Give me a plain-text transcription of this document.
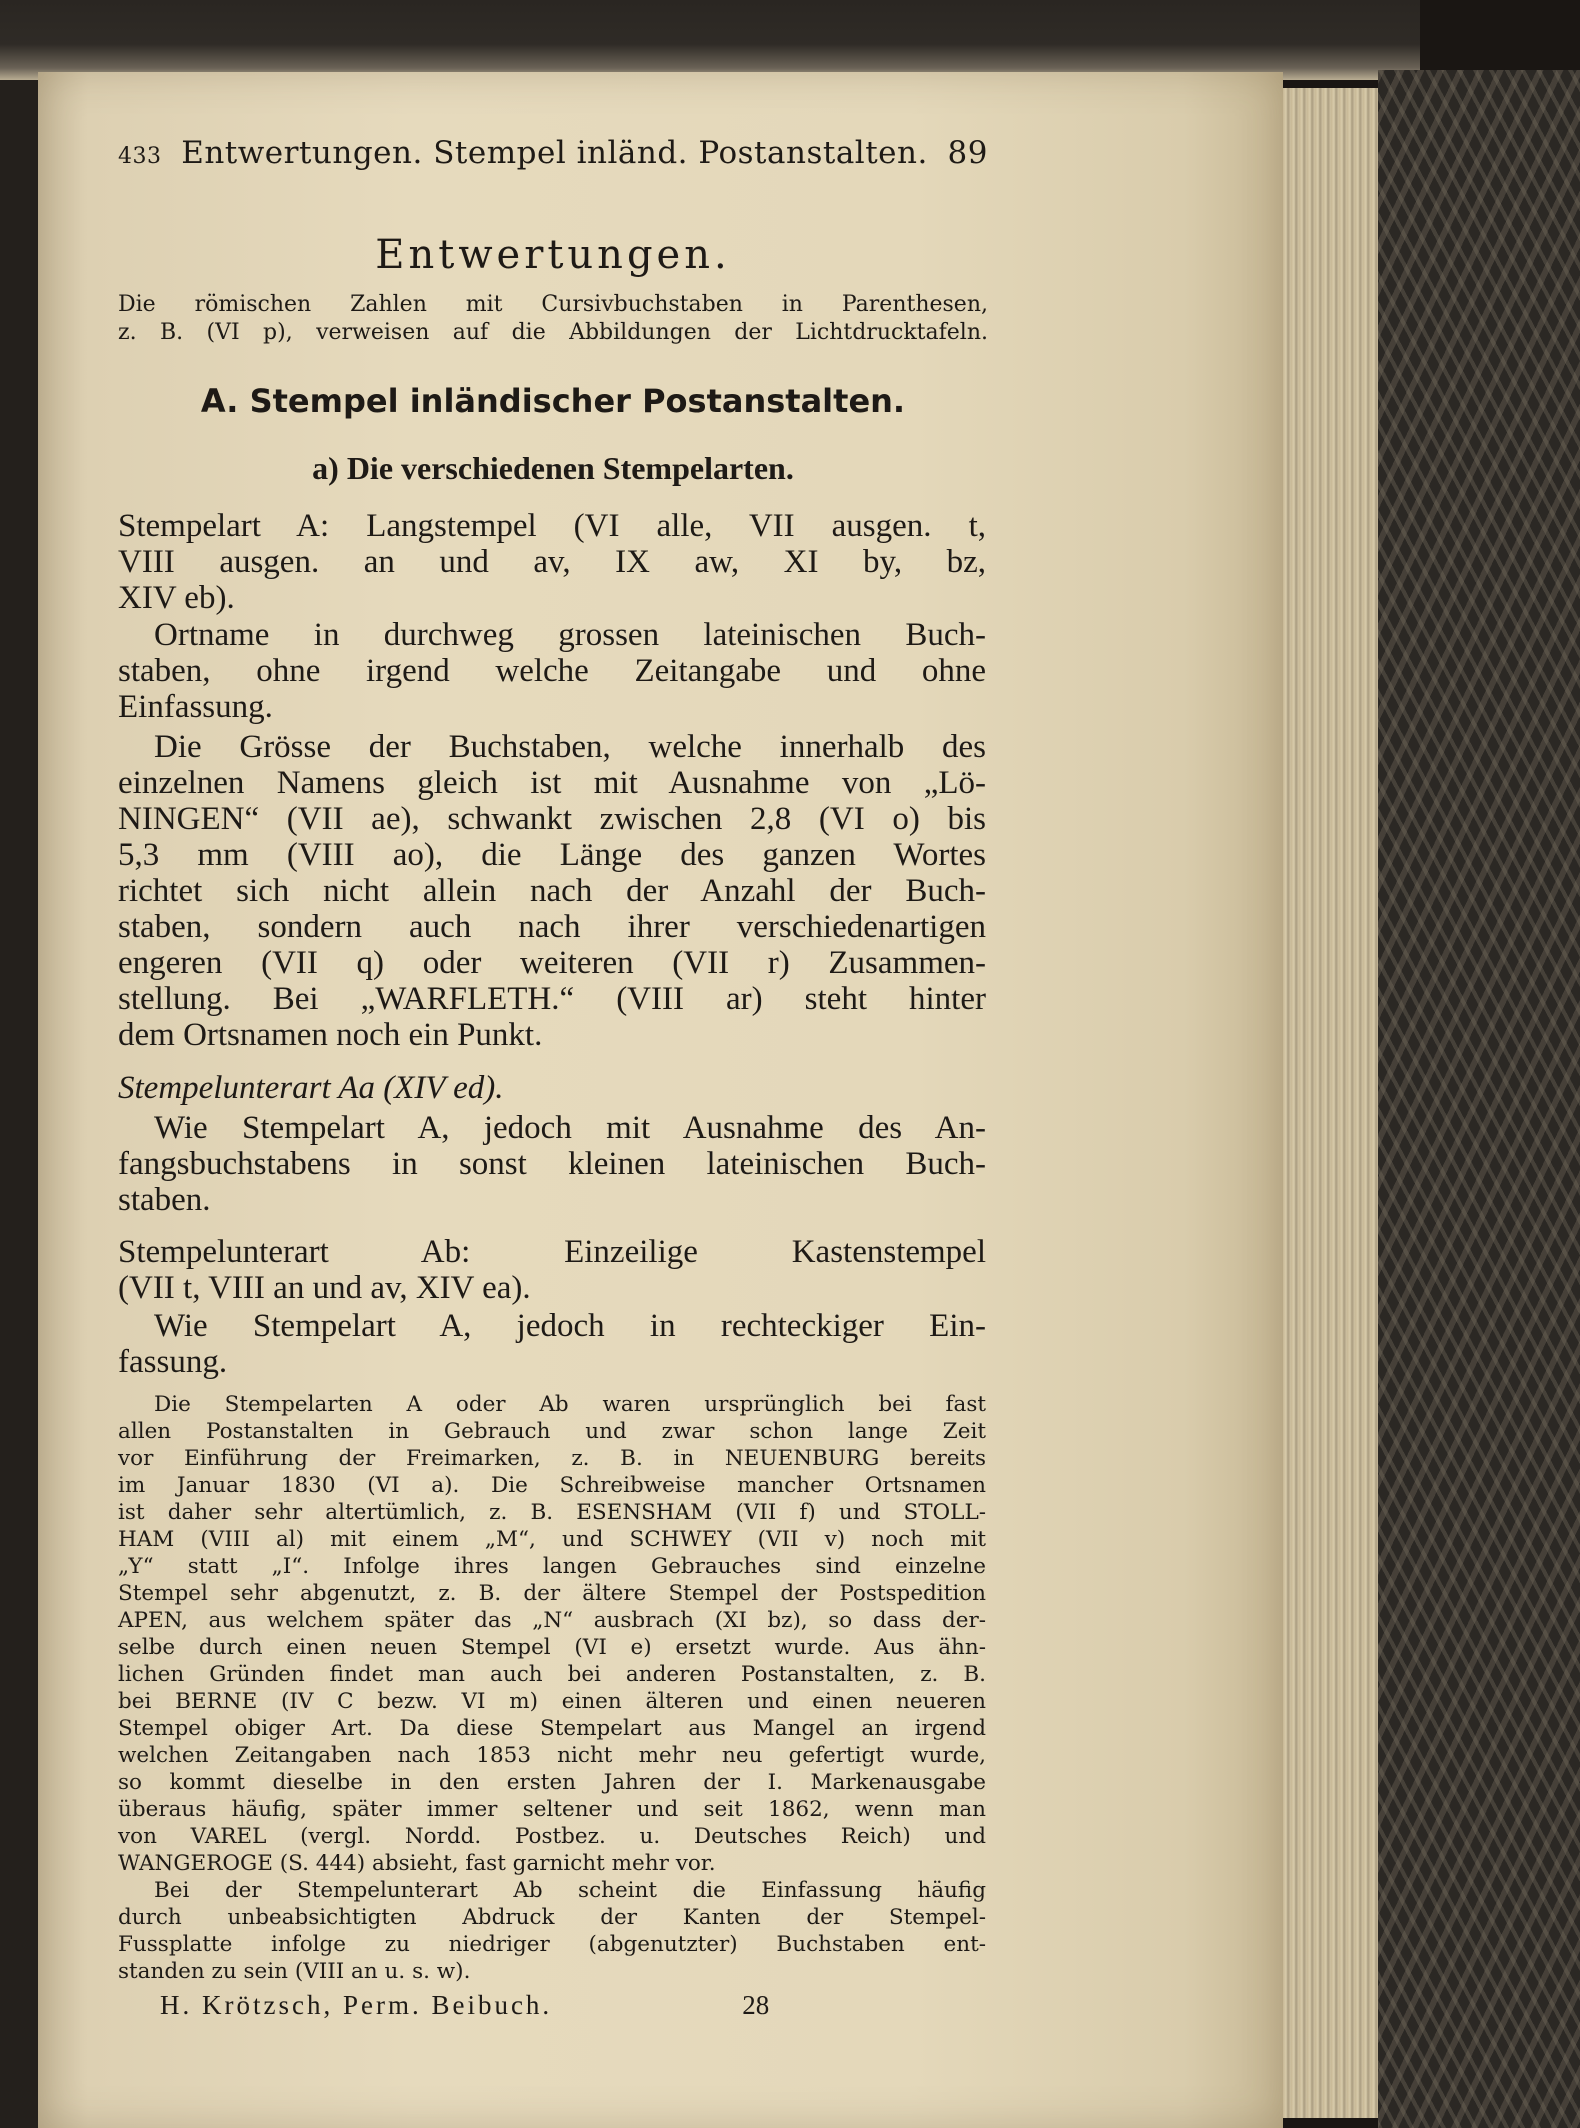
433 Entwertungen. Stempel inländ. Postanstalten. 89
Entwertungen.
Die römischen Zahlen mit Cursivbuchstaben in Parenthesen,
z. B. (VI p), verweisen auf die Abbildungen der Lichtdrucktafeln.
A. Stempel inländischer Postanstalten.
a) Die verschiedenen Stempelarten.
Stempelart A: Langstempel (VI alle, VII ausgen. t,
VIII ausgen. an und av, IX aw, XI by, bz,
XIV eb).
Ortname in durchweg grossen lateinischen Buch-
staben, ohne irgend welche Zeitangabe und ohne
Einfassung.
Die Grösse der Buchstaben, welche innerhalb des
einzelnen Namens gleich ist mit Ausnahme von „Lö-
NINGEN“ (VII ae), schwankt zwischen 2,8 (VI o) bis
5,3 mm (VIII ao), die Länge des ganzen Wortes
richtet sich nicht allein nach der Anzahl der Buch-
staben, sondern auch nach ihrer verschiedenartigen
engeren (VII q) oder weiteren (VII r) Zusammen-
stellung. Bei „WARFLETH.“ (VIII ar) steht hinter
dem Ortsnamen noch ein Punkt.
Stempelunterart Aa (XIV ed).
Wie Stempelart A, jedoch mit Ausnahme des An-
fangsbuchstabens in sonst kleinen lateinischen Buch-
staben.
Stempelunterart Ab: Einzeilige Kastenstempel
(VII t, VIII an und av, XIV ea).
Wie Stempelart A, jedoch in rechteckiger Ein-
fassung.
Die Stempelarten A oder Ab waren ursprünglich bei fast
allen Postanstalten in Gebrauch und zwar schon lange Zeit
vor Einführung der Freimarken, z. B. in NEUENBURG bereits
im Januar 1830 (VI a). Die Schreibweise mancher Ortsnamen
ist daher sehr altertümlich, z. B. ESENSHAM (VII f) und STOLL-
HAM (VIII al) mit einem „M“, und SCHWEY (VII v) noch mit
„Y“ statt „I“. Infolge ihres langen Gebrauches sind einzelne
Stempel sehr abgenutzt, z. B. der ältere Stempel der Postspedition
APEN, aus welchem später das „N“ ausbrach (XI bz), so dass der-
selbe durch einen neuen Stempel (VI e) ersetzt wurde. Aus ähn-
lichen Gründen findet man auch bei anderen Postanstalten, z. B.
bei BERNE (IV C bezw. VI m) einen älteren und einen neueren
Stempel obiger Art. Da diese Stempelart aus Mangel an irgend
welchen Zeitangaben nach 1853 nicht mehr neu gefertigt wurde,
so kommt dieselbe in den ersten Jahren der I. Markenausgabe
überaus häufig, später immer seltener und seit 1862, wenn man
von VAREL (vergl. Nordd. Postbez. u. Deutsches Reich) und
WANGEROGE (S. 444) absieht, fast garnicht mehr vor.
Bei der Stempelunterart Ab scheint die Einfassung häufig
durch unbeabsichtigten Abdruck der Kanten der Stempel-
Fussplatte infolge zu niedriger (abgenutzter) Buchstaben ent-
standen zu sein (VIII an u. s. w).
H. Krötzsch, Perm. Beibuch.	28
